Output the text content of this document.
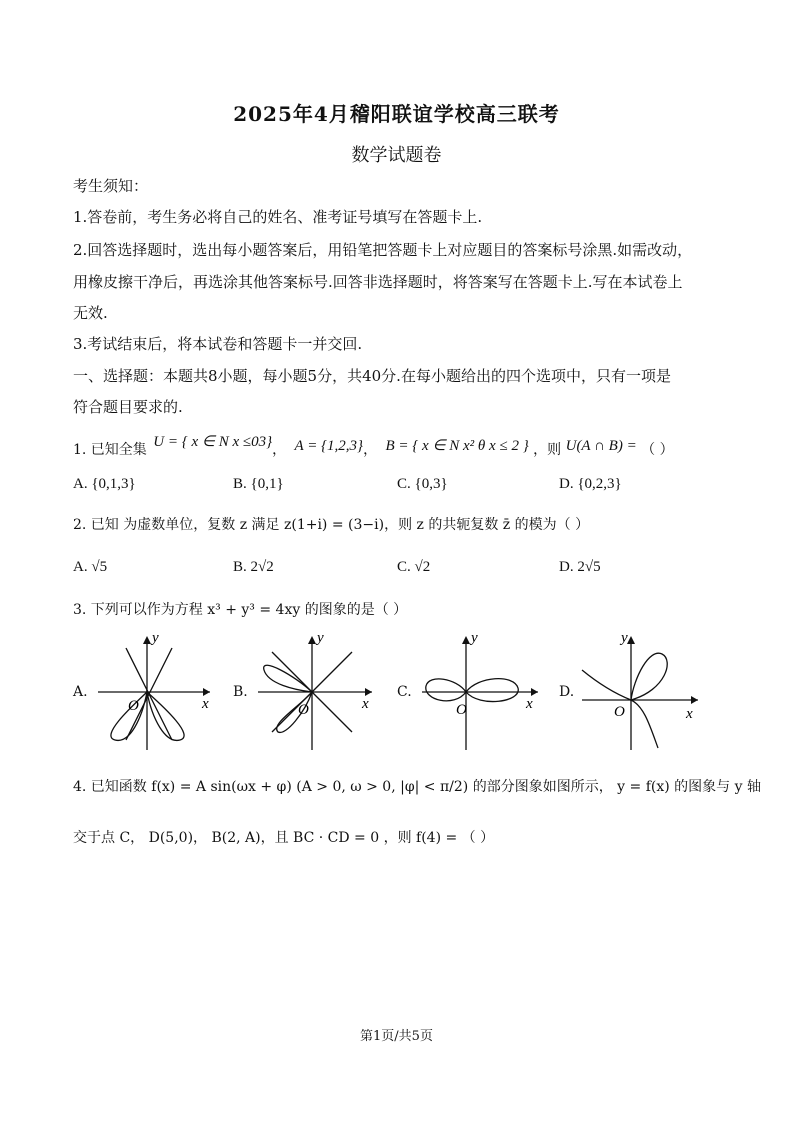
2025年4月稽阳联谊学校高三联考
数学试题卷
考生须知：
1.答卷前，考生务必将自己的姓名、准考证号填写在答题卡上.
2.回答选择题时，选出每小题答案后，用铅笔把答题卡上对应题目的答案标号涂黑.如需改动，
用橡皮擦干净后，再选涂其他答案标号.回答非选择题时，将答案写在答题卡上.写在本试卷上
无效.
3.考试结束后，将本试卷和答题卡一并交回.
一、选择题：本题共8小题，每小题5分，共40分.在每小题给出的四个选项中，只有一项是
符合题目要求的.
1. 已知全集 U = { x ∈ N x ≤03}， A = {1,2,3}， B = { x ∈ N x² θ x ≤ 2 } ，则 U(A ∩ B) = （ ）
A. {0,1,3}	B. {0,1}	C. {0,3}	D. {0,2,3}
2. 已知 为虚数单位，复数 z 满足 z(1+i) = (3−i)，则 z 的共轭复数 z̄ 的模为（ ）
A. √5	B. 2√2	C. √2	D. 2√5
3. 下列可以作为方程 x³ + y³ = 4xy 的图象的是（ ）
A.
y
x
O
B.
y
x
O
C.
y
x
O
D.
y
x
O
4. 已知函数 f(x) = A sin(ωx + φ) (A > 0, ω > 0, |φ| < π/2) 的部分图象如图所示， y = f(x) 的图象与 y 轴
交于点 C， D(5,0)， B(2, A)，且 BC · CD = 0 ，则 f(4) = （ ）
第1页/共5页
